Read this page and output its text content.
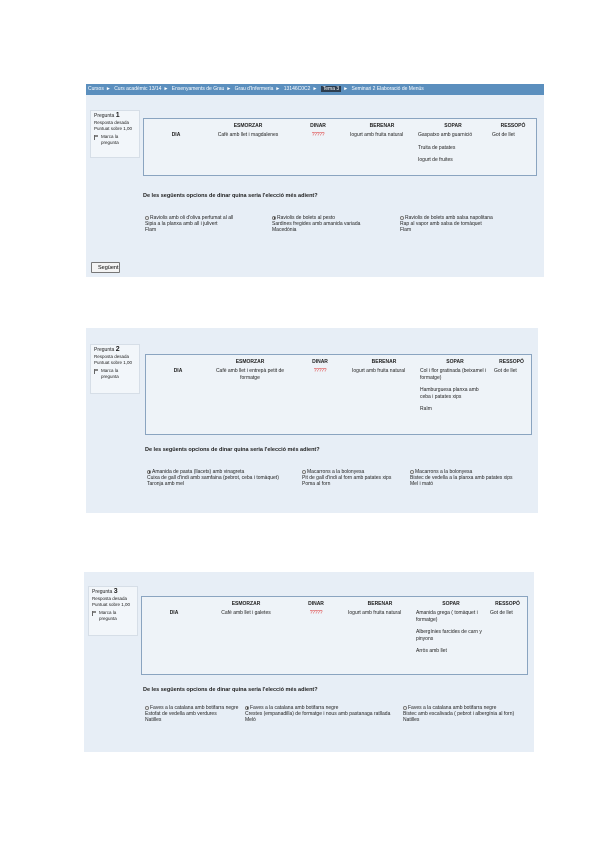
Cursos ► Curs acadèmic 13/14 ► Ensenyaments de Grau ► Grau d'Infermeria ► 13146C0C2 ► Tema 3 ► Seminari 2 Elaboració de Menús
Pregunta 1
Resposta desada
Puntuat sobre 1,00
Marca la pregunta
	ESMORZAR	DINAR	BERENAR	SOPAR	RESSOPÓ
DIA	Cafè amb llet i magdalenes	?????	Iogurt amb fruita natural	Gaspatxo amb guarnició
Truita de patates
Iogurt de fruites	Got de llet
De les següents opcions de dinar quina seria l'elecció més adient?
Raviolis amb oli d'oliva perfumat al all
Sipia a la planxa amb all i julivert
Flam
Raviolis de bolets al pesto
Sardines fregides amb amanida variada
Macedònia
Raviolis de bolets amb salsa napolitana
Rap al vapor amb salsa de tomàquet
Flam
Següent
Pregunta 2
Resposta desada
Puntuat sobre 1,00
Marca la pregunta
	ESMORZAR	DINAR	BERENAR	SOPAR	RESSOPÓ
DIA	Cafè amb llet i entrepà petit de formatge	?????	Iogurt amb fruita natural	Col i flor gratinada (beixamel i formatge)
Hamburguesa planxa amb ceba i patates xips
Raïm	Got de llet
De les següents opcions de dinar quina seria l'elecció més adient?
Amanida de pasta (llacets) amb vinagreta
Cuixa de gall d'indi amb samfaina (pebrot, ceba i tomàquet)
Taronja amb mel
Macarrons a la bolonyesa
Pit de gall d'indi al forn amb patates xips
Poma al forn
Macarrons a la bolonyesa
Bistec de vedella a la planxa amb patates xips
Mel i mató
Pregunta 3
Resposta desada
Puntuat sobre 1,00
Marca la pregunta
	ESMORZAR	DINAR	BERENAR	SOPAR	RESSOPÓ
DIA	Cafè amb llet i galetes	?????	Iogurt amb fruita natural	Amanida grega ( tomàquet i formatge)
Albergínies farcides de carn y pinyons
Arròs amb llet	Got de llet
De les següents opcions de dinar quina seria l'elecció més adient?
Faves a la catalana amb botifarra negre
Estofat de vedella amb verdures
Natilles
Faves a la catalana amb botifarra negre
Crestes (empanadilla) de formatge i nous amb pastanaga ratllada
Meló
Faves a la catalana amb botifarra negre
Bistec amb escalivada ( pebrot i albergínia al forn)
Natilles
